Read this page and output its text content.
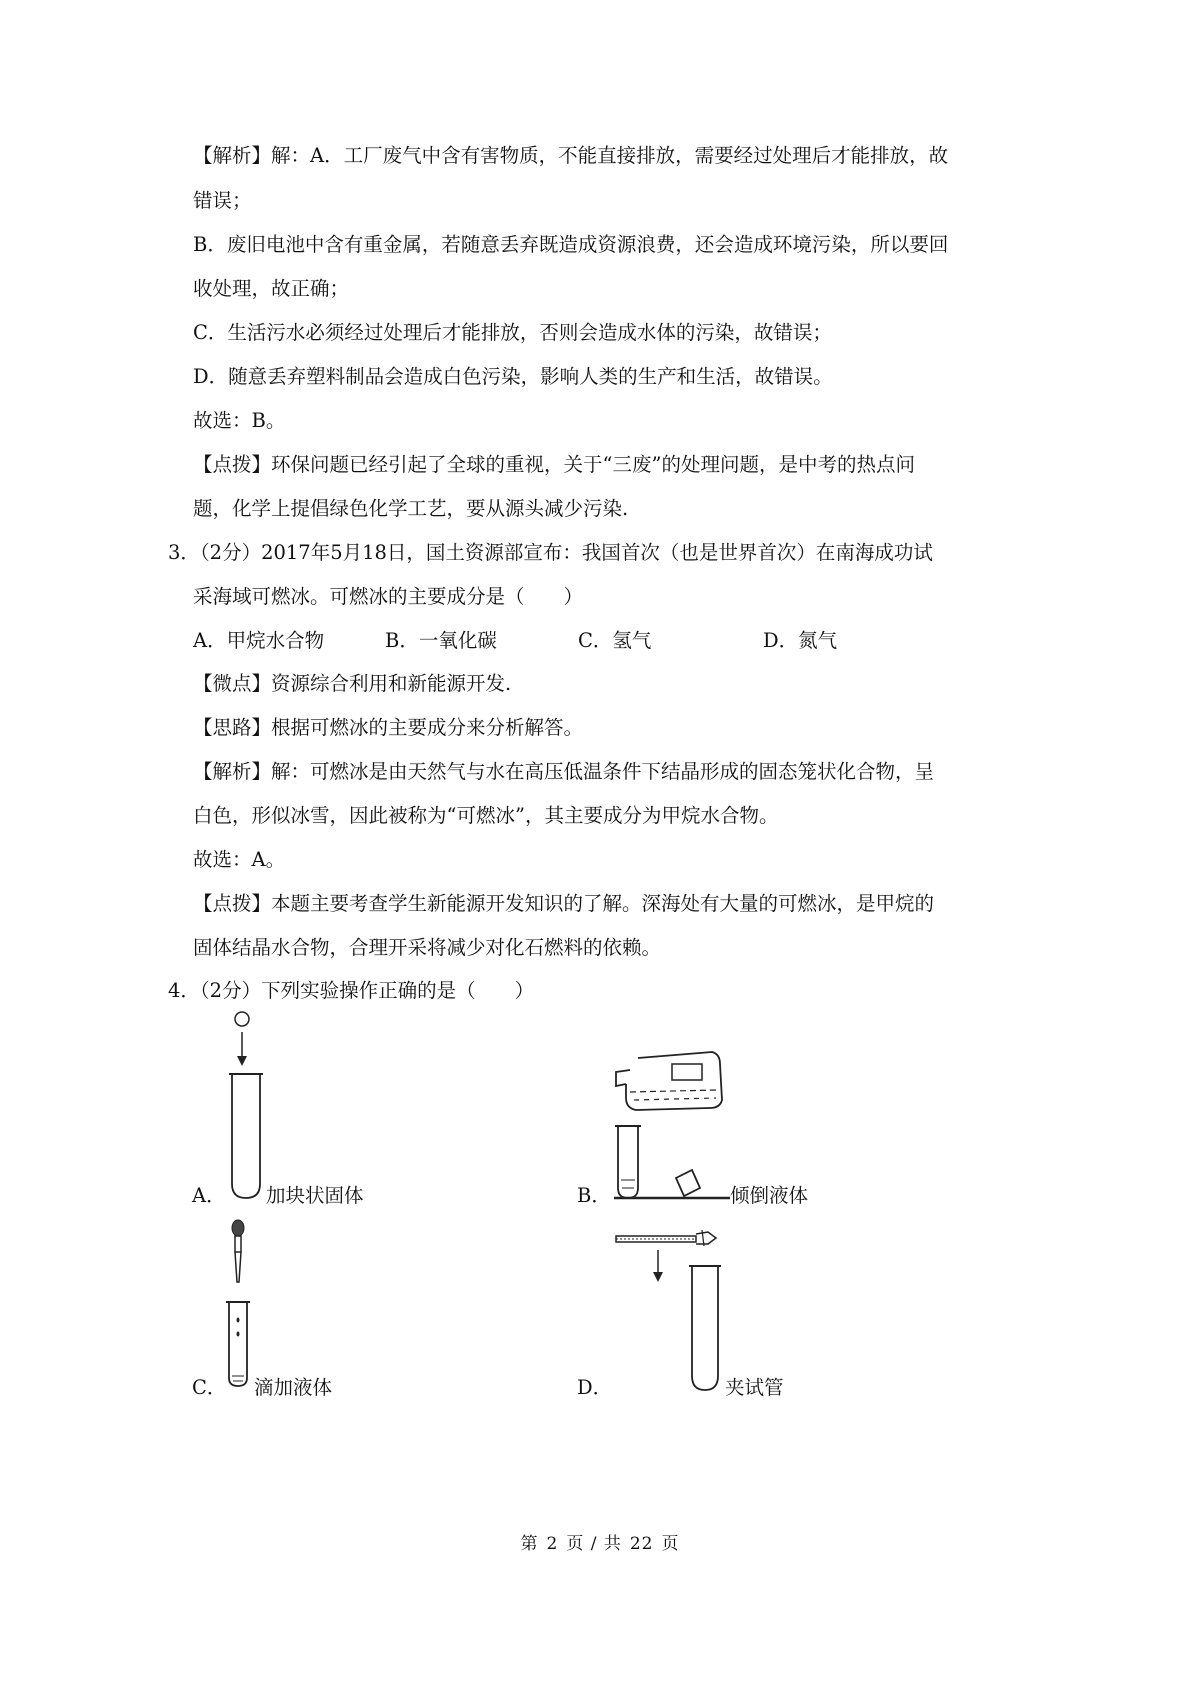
【解析】解：A．工厂废气中含有害物质，不能直接排放，需要经过处理后才能排放，故
错误；
B．废旧电池中含有重金属，若随意丢弃既造成资源浪费，还会造成环境污染，所以要回
收处理，故正确；
C．生活污水必须经过处理后才能排放，否则会造成水体的污染，故错误；
D．随意丢弃塑料制品会造成白色污染，影响人类的生产和生活，故错误。
故选：B。
【点拨】环保问题已经引起了全球的重视，关于“三废”的处理问题，是中考的热点问
题，化学上提倡绿色化学工艺，要从源头减少污染.
3．（2分）2017年5月18日，国土资源部宣布：我国首次（也是世界首次）在南海成功试
采海域可燃冰。可燃冰的主要成分是（　　）
A．甲烷水合物	B．一氧化碳	C．氢气	D．氮气
【微点】资源综合利用和新能源开发.
【思路】根据可燃冰的主要成分来分析解答。
【解析】解：可燃冰是由天然气与水在高压低温条件下结晶形成的固态笼状化合物，呈
白色，形似冰雪，因此被称为“可燃冰”，其主要成分为甲烷水合物。
故选：A。
【点拨】本题主要考查学生新能源开发知识的了解。深海处有大量的可燃冰，是甲烷的
固体结晶水合物，合理开采将减少对化石燃料的依赖。
4．（2分）下列实验操作正确的是（　　）
A． 加块状固体	B．	倾倒液体
C． 滴加液体	D．	夹试管
第 2 页 / 共 22 页
